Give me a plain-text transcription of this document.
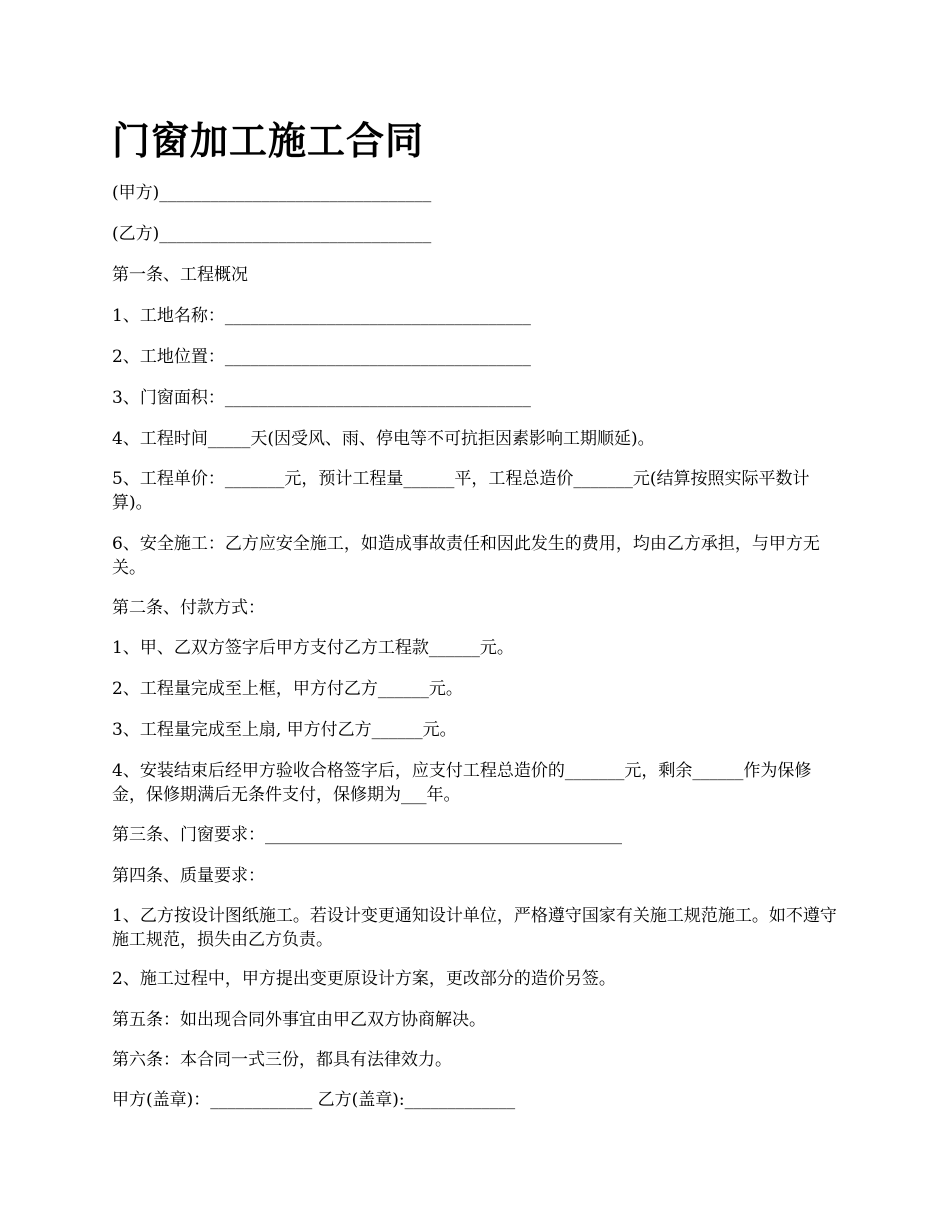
门窗加工施工合同

(甲方)________________________________

(乙方)________________________________

第一条、工程概况

1、工地名称：____________________________________

2、工地位置：____________________________________

3、门窗面积：____________________________________

4、工程时间_____天(因受风、雨、停电等不可抗拒因素影响工期顺延)。

5、工程单价：_______元，预计工程量______平，工程总造价_______元(结算按照实际平数计算)。

6、安全施工：乙方应安全施工，如造成事故责任和因此发生的费用，均由乙方承担，与甲方无关。

第二条、付款方式：

1、甲、乙双方签字后甲方支付乙方工程款______元。

2、工程量完成至上框，甲方付乙方______元。

3、工程量完成至上扇, 甲方付乙方______元。

4、安装结束后经甲方验收合格签字后，应支付工程总造价的_______元，剩余______作为保修金，保修期满后无条件支付，保修期为___年。

第三条、门窗要求：__________________________________________

第四条、质量要求：

1、乙方按设计图纸施工。若设计变更通知设计单位，严格遵守国家有关施工规范施工。如不遵守施工规范，损失由乙方负责。

2、施工过程中，甲方提出变更原设计方案，更改部分的造价另签。

第五条：如出现合同外事宜由甲乙双方协商解决。

第六条：本合同一式三份，都具有法律效力。

甲方(盖章)：____________ 乙方(盖章):_____________
